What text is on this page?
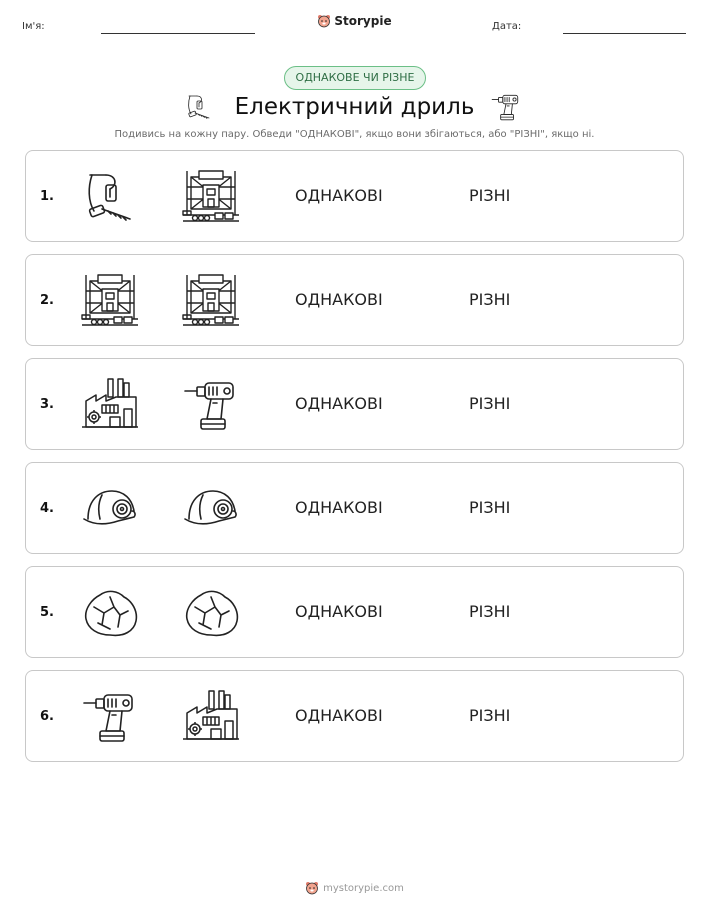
Ім'я:	Storypie	Дата:
ОДНАКОВЕ ЧИ РІЗНЕ
Електричний дриль
Подивись на кожну пару. Обведи "ОДНАКОВІ", якщо вони збігаються, або "РІЗНІ", якщо ні.
1.	ОДНАКОВІ	РІЗНІ
2.	ОДНАКОВІ	РІЗНІ
3.	ОДНАКОВІ	РІЗНІ
4.	ОДНАКОВІ	РІЗНІ
5.	ОДНАКОВІ	РІЗНІ
6.	ОДНАКОВІ	РІЗНІ
mystorypie.com
